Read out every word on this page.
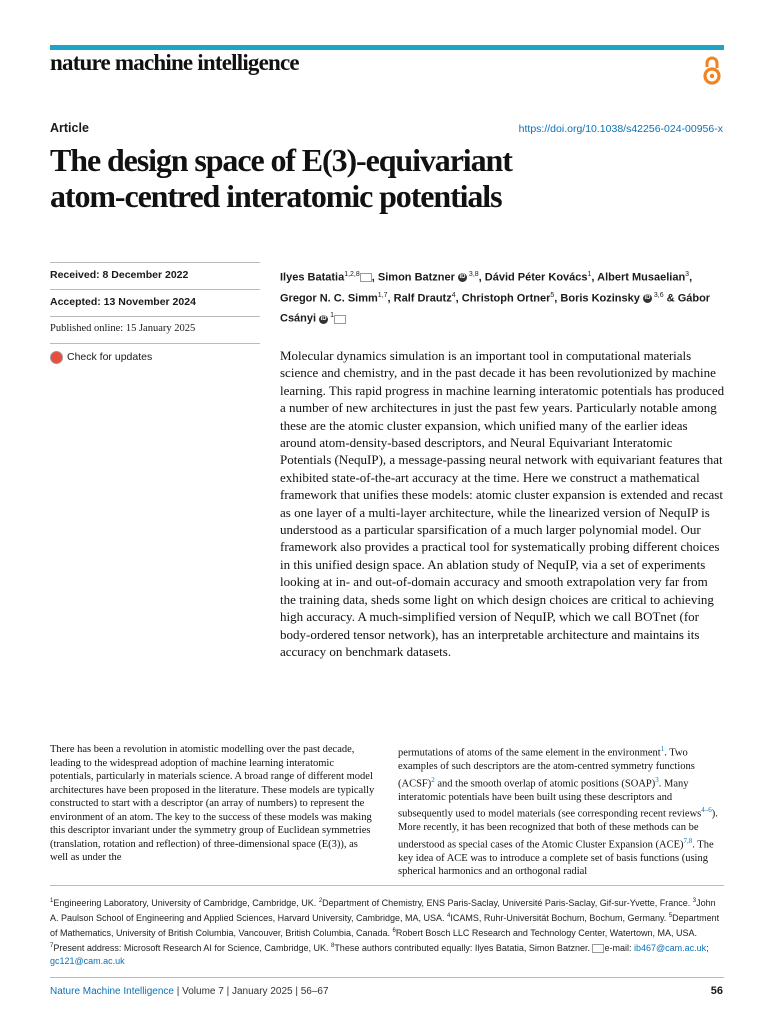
nature machine intelligence
Article	https://doi.org/10.1038/s42256-024-00956-x
The design space of E(3)-equivariant
atom-centred interatomic potentials
Received: 8 December 2022
Accepted: 13 November 2024
Published online: 15 January 2025
Check for updates
Ilyes Batatia$^{1,2,8}$ , Simon Batzner iD $^{3,8}$, Dávid Péter Kovács$^1$, Albert Musaelian$^3$, Gregor N. C. Simm$^{1,7}$, Ralf Drautz$^4$, Christoph Ortner$^5$, Boris Kozinsky iD $^{3,6}$ & Gábor Csányi iD $^1$

Molecular dynamics simulation is an important tool in computational materials science and chemistry, and in the past decade it has been revolutionized by machine learning. This rapid progress in machine learning interatomic potentials has produced a number of new architectures in just the past few years. Particularly notable among these are the atomic cluster expansion, which unified many of the earlier ideas around atom-density-based descriptors, and Neural Equivariant Interatomic Potentials (NequIP), a message-passing neural network with equivariant features that exhibited state-of-the-art accuracy at the time. Here we construct a mathematical framework that unifies these models: atomic cluster expansion is extended and recast as one layer of a multi-layer architecture, while the linearized version of NequIP is understood as a particular sparsification of a much larger polynomial model. Our framework also provides a practical tool for systematically probing different choices in this unified design space. An ablation study of NequIP, via a set of experiments looking at in- and out-of-domain accuracy and smooth extrapolation very far from the training data, sheds some light on which design choices are critical to achieving high accuracy. A much-simplified version of NequIP, which we call BOTnet (for body-ordered tensor network), has an interpretable architecture and maintains its accuracy on benchmark datasets.

There has been a revolution in atomistic modelling over the past decade, leading to the widespread adoption of machine learning interatomic potentials, particularly in materials science. A broad range of different model architectures have been proposed in the literature. These models are typically constructed to start with a descriptor (an array of numbers) to represent the environment of an atom. The key to the success of these models was making this descriptor invariant under the symmetry group of Euclidean symmetries (translation, rotation and reflection) of three-dimensional space (E(3)), as well as under the

permutations of atoms of the same element in the environment$^1$. Two examples of such descriptors are the atom-centred symmetry functions (ACSF)$^2$ and the smooth overlap of atomic positions (SOAP)$^3$. Many interatomic potentials have been built using these descriptors and subsequently used to model materials (see corresponding recent reviews$^{4-6}$). More recently, it has been recognized that both of these methods can be understood as special cases of the Atomic Cluster Expansion (ACE)$^{7,8}$. The key idea of ACE was to introduce a complete set of basis functions (using spherical harmonics and an orthogonal radial

$^1$Engineering Laboratory, University of Cambridge, Cambridge, UK. $^2$Department of Chemistry, ENS Paris-Saclay, Université Paris-Saclay, Gif-sur-Yvette, France. $^3$John A. Paulson School of Engineering and Applied Sciences, Harvard University, Cambridge, MA, USA. $^4$ICAMS, Ruhr-Universität Bochum, Bochum, Germany. $^5$Department of Mathematics, University of British Columbia, Vancouver, British Columbia, Canada. $^6$Robert Bosch LLC Research and Technology Center, Watertown, MA, USA. $^7$Present address: Microsoft Research AI for Science, Cambridge, UK. $^8$These authors contributed equally: Ilyes Batatia, Simon Batzner. e-mail: ib467@cam.ac.uk; gc121@cam.ac.uk

Nature Machine Intelligence | Volume 7 | January 2025 | 56–67	56
